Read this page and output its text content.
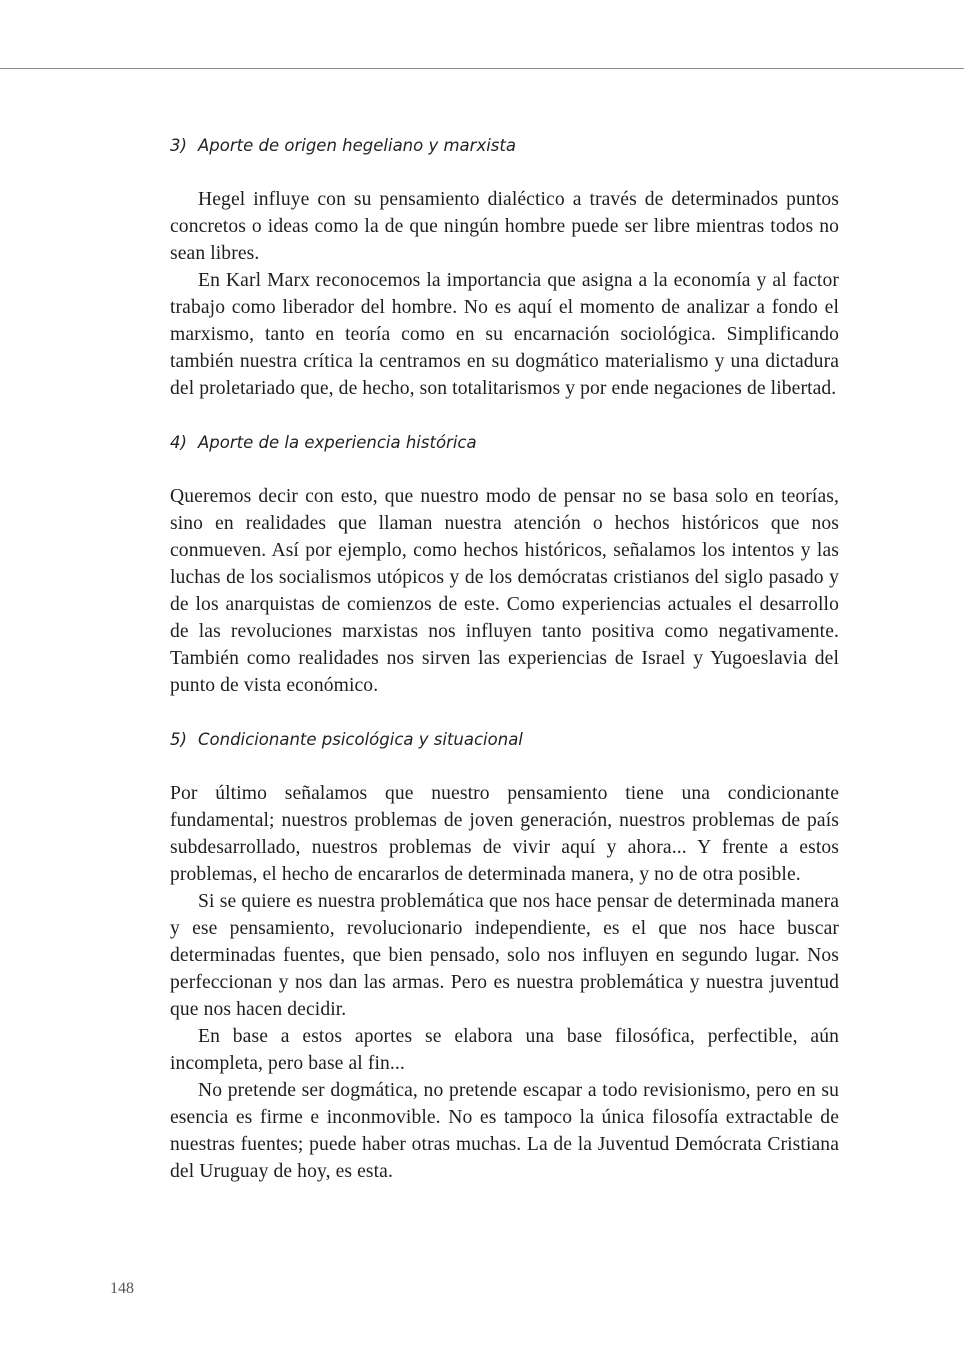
3) Aporte de origen hegeliano y marxista

Hegel influye con su pensamiento dialéctico a través de determinados puntos concretos o ideas como la de que ningún hombre puede ser libre mientras todos no sean libres.

En Karl Marx reconocemos la importancia que asigna a la economía y al factor trabajo como liberador del hombre. No es aquí el momento de analizar a fondo el marxismo, tanto en teoría como en su encarnación sociológica. Simplificando también nuestra crítica la centramos en su dogmático materialismo y una dictadura del proletariado que, de hecho, son totalitarismos y por ende negaciones de libertad.

4) Aporte de la experiencia histórica

Queremos decir con esto, que nuestro modo de pensar no se basa solo en teorías, sino en realidades que llaman nuestra atención o hechos históricos que nos conmueven. Así por ejemplo, como hechos históricos, señalamos los intentos y las luchas de los socialismos utópicos y de los demócratas cristianos del siglo pasado y de los anarquistas de comienzos de este. Como experiencias actuales el desarrollo de las revoluciones marxistas nos influyen tanto positiva como negativamente. También como realidades nos sirven las experiencias de Israel y Yugoeslavia del punto de vista económico.

5) Condicionante psicológica y situacional

Por último señalamos que nuestro pensamiento tiene una condicionante fundamental; nuestros problemas de joven generación, nuestros problemas de país subdesarrollado, nuestros problemas de vivir aquí y ahora... Y frente a estos problemas, el hecho de encararlos de determinada manera, y no de otra posible.

Si se quiere es nuestra problemática que nos hace pensar de determinada manera y ese pensamiento, revolucionario independiente, es el que nos hace buscar determinadas fuentes, que bien pensado, solo nos influyen en segundo lugar. Nos perfeccionan y nos dan las armas. Pero es nuestra problemática y nuestra juventud que nos hacen decidir.

En base a estos aportes se elabora una base filosófica, perfectible, aún incompleta, pero base al fin...

No pretende ser dogmática, no pretende escapar a todo revisionismo, pero en su esencia es firme e inconmovible. No es tampoco la única filosofía extractable de nuestras fuentes; puede haber otras muchas. La de la Juventud Demócrata Cristiana del Uruguay de hoy, es esta.

148
